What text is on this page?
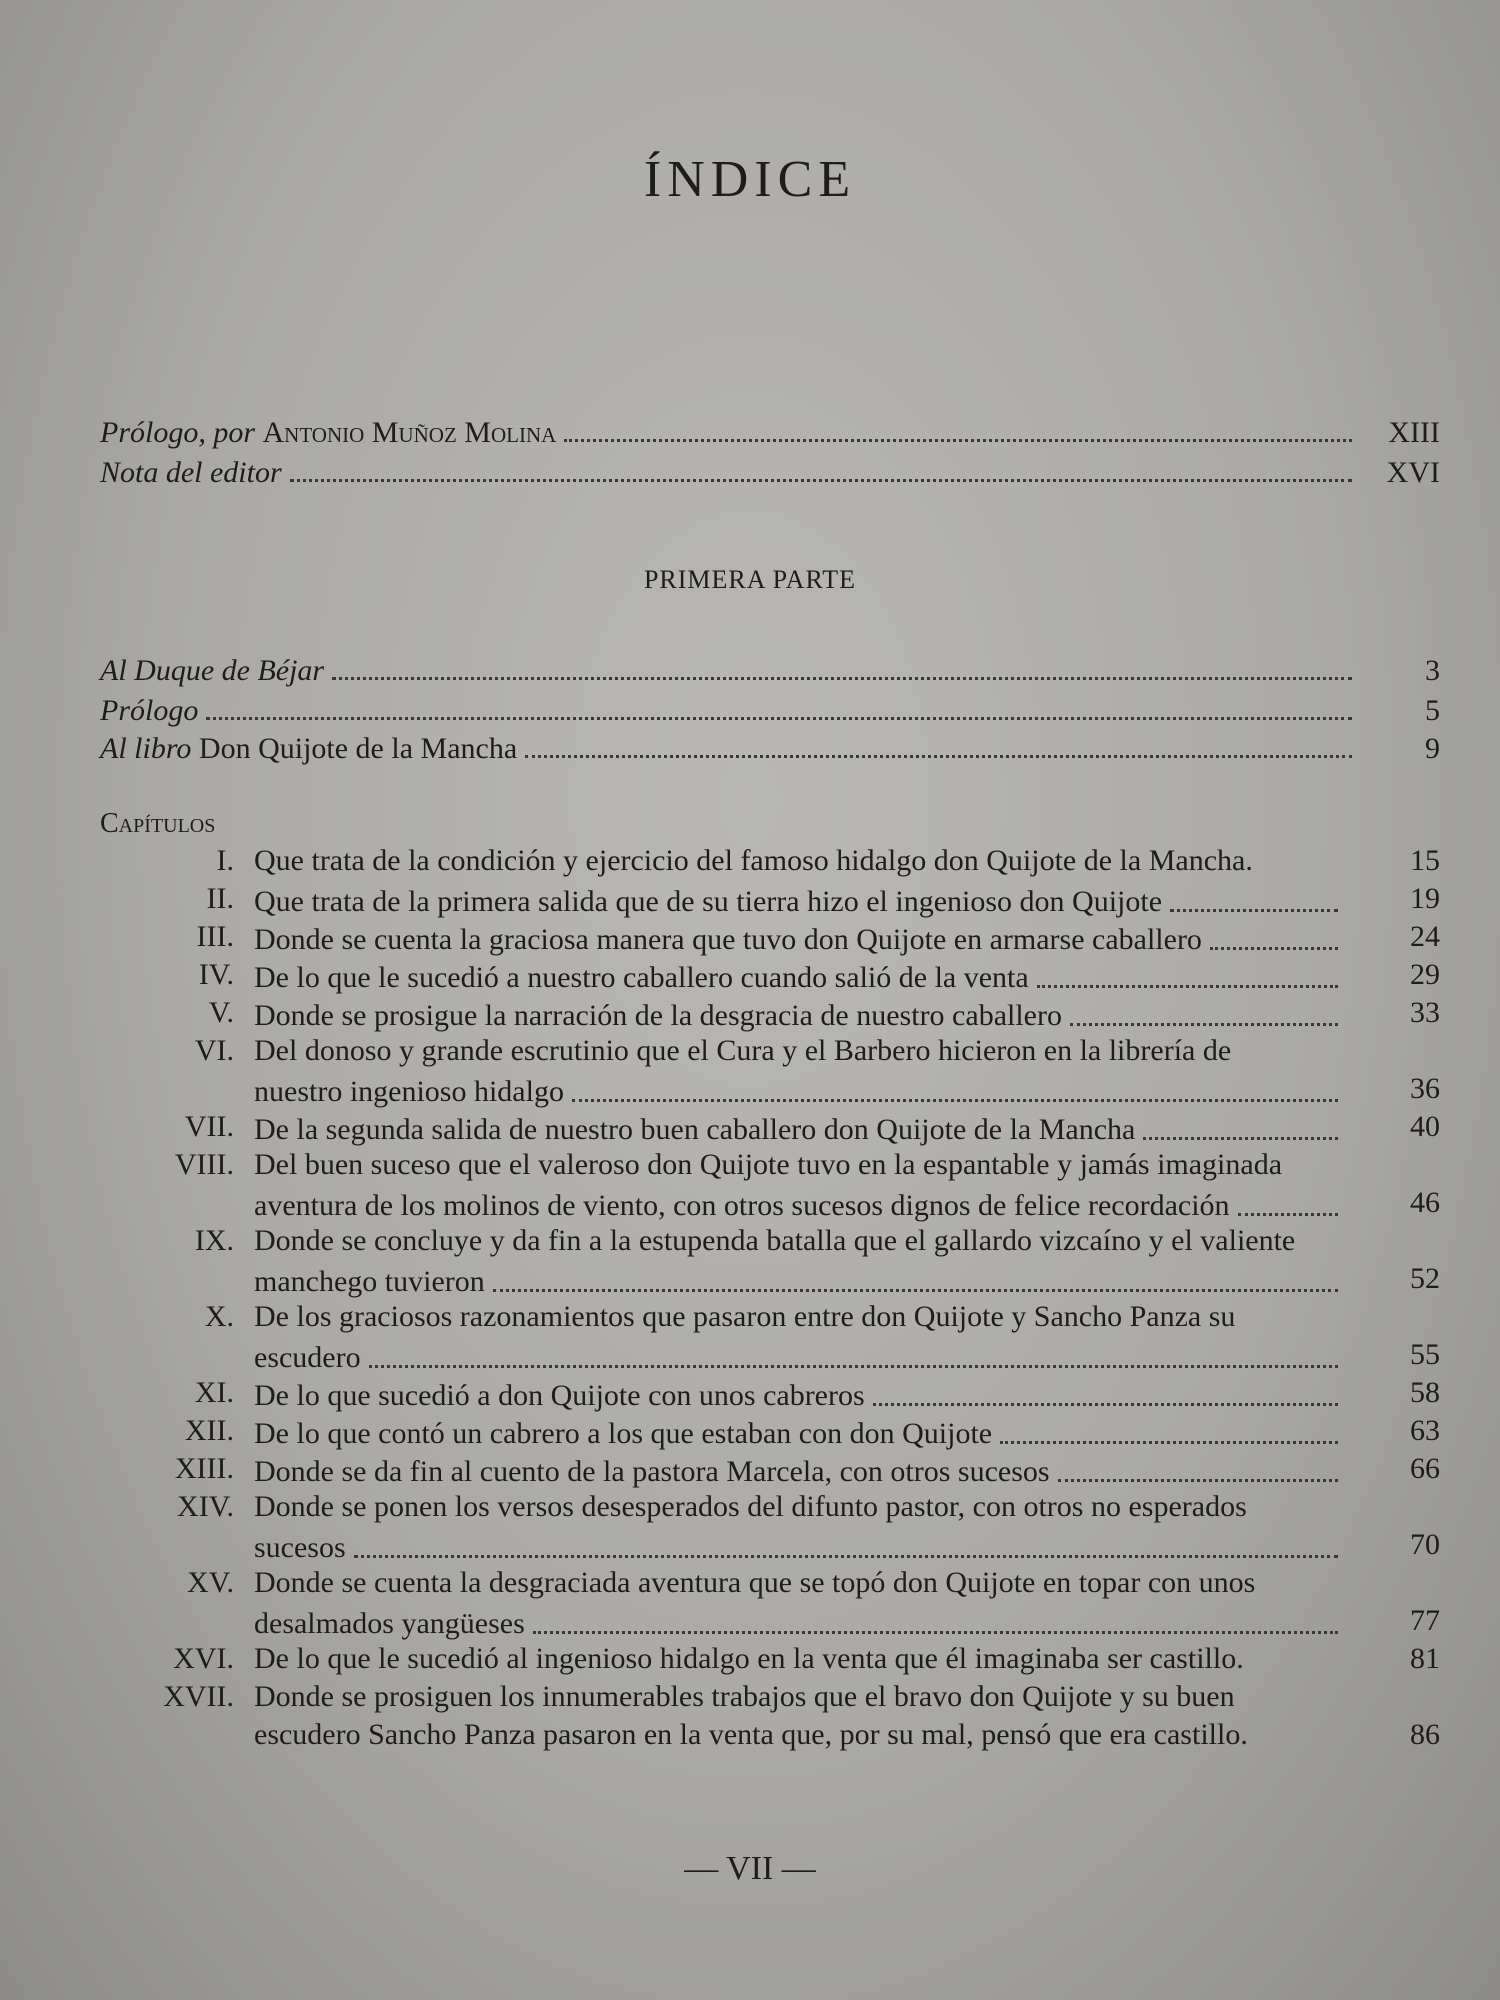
ÍNDICE
Prólogo, por Antonio Muñoz Molina	XIII
Nota del editor	XVI
PRIMERA PARTE
Al Duque de Béjar	3
Prólogo	5
Al libro Don Quijote de la Mancha	9
Capítulos
I. Que trata de la condición y ejercicio del famoso hidalgo don Quijote de la Mancha.	15
II. Que trata de la primera salida que de su tierra hizo el ingenioso don Quijote	19
III. Donde se cuenta la graciosa manera que tuvo don Quijote en armarse caballero	24
IV. De lo que le sucedió a nuestro caballero cuando salió de la venta	29
V. Donde se prosigue la narración de la desgracia de nuestro caballero	33
VI. Del donoso y grande escrutinio que el Cura y el Barbero hicieron en la librería de
nuestro ingenioso hidalgo	36
VII. De la segunda salida de nuestro buen caballero don Quijote de la Mancha	40
VIII. Del buen suceso que el valeroso don Quijote tuvo en la espantable y jamás imaginada
aventura de los molinos de viento, con otros sucesos dignos de felice recordación	46
IX. Donde se concluye y da fin a la estupenda batalla que el gallardo vizcaíno y el valiente
manchego tuvieron	52
X. De los graciosos razonamientos que pasaron entre don Quijote y Sancho Panza su
escudero	55
XI. De lo que sucedió a don Quijote con unos cabreros	58
XII. De lo que contó un cabrero a los que estaban con don Quijote	63
XIII. Donde se da fin al cuento de la pastora Marcela, con otros sucesos	66
XIV. Donde se ponen los versos desesperados del difunto pastor, con otros no esperados
sucesos	70
XV. Donde se cuenta la desgraciada aventura que se topó don Quijote en topar con unos
desalmados yangüeses	77
XVI. De lo que le sucedió al ingenioso hidalgo en la venta que él imaginaba ser castillo.	81
XVII. Donde se prosiguen los innumerables trabajos que el bravo don Quijote y su buen
escudero Sancho Panza pasaron en la venta que, por su mal, pensó que era castillo.	86
— VII —
